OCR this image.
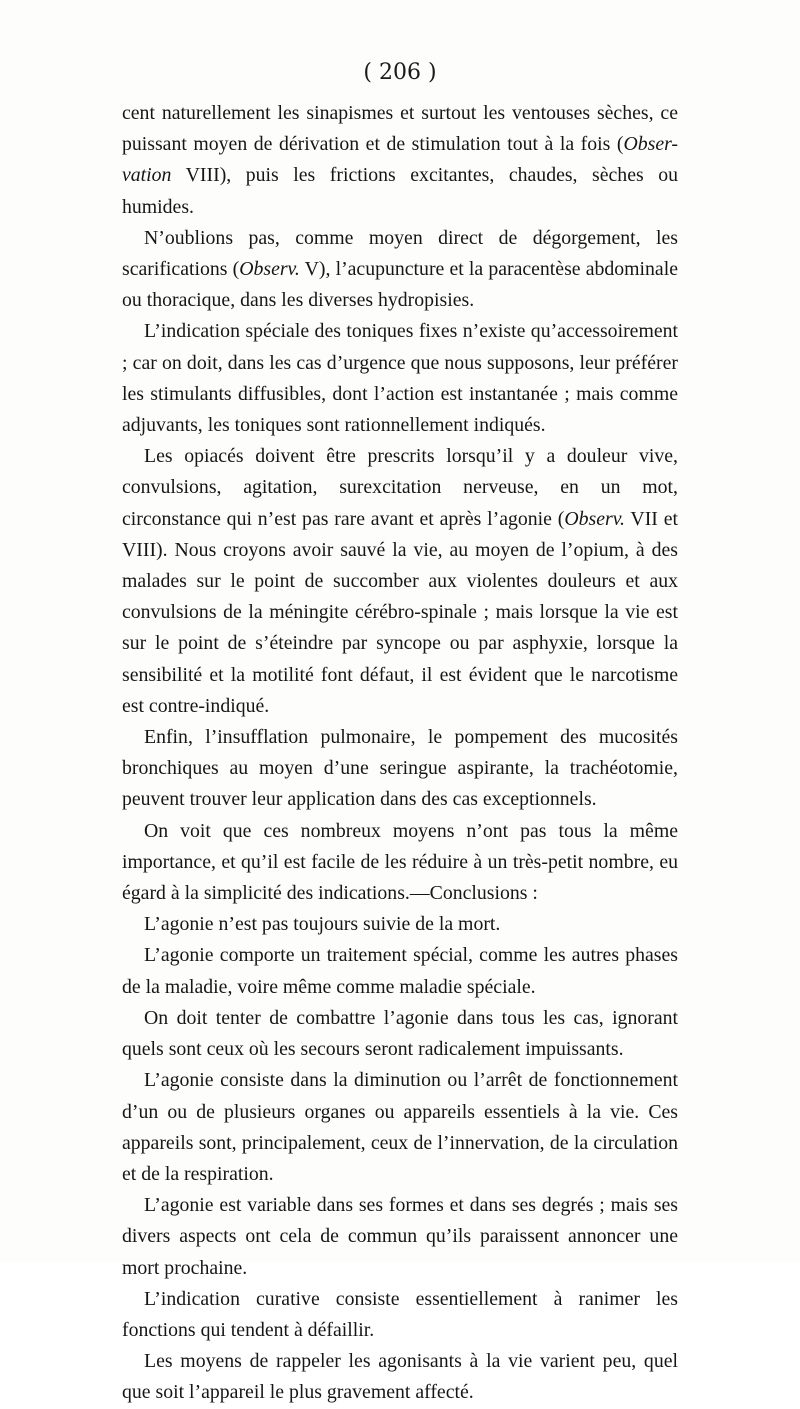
( 206 )

cent naturellement les sinapismes et surtout les ventouses sèches, ce puissant moyen de dérivation et de stimulation tout à la fois (Obser-vation VIII), puis les frictions excitantes, chaudes, sèches ou humides.

N’oublions pas, comme moyen direct de dégorgement, les scarifications (Observ. V), l’acupuncture et la paracentèse abdominale ou thoracique, dans les diverses hydropisies.

L’indication spéciale des toniques fixes n’existe qu’accessoirement ; car on doit, dans les cas d’urgence que nous supposons, leur préférer les stimulants diffusibles, dont l’action est instantanée ; mais comme adjuvants, les toniques sont rationnellement indiqués.

Les opiacés doivent être prescrits lorsqu’il y a douleur vive, convulsions, agitation, surexcitation nerveuse, en un mot, circonstance qui n’est pas rare avant et après l’agonie (Observ. VII et VIII). Nous croyons avoir sauvé la vie, au moyen de l’opium, à des malades sur le point de succomber aux violentes douleurs et aux convulsions de la méningite cérébro-spinale ; mais lorsque la vie est sur le point de s’éteindre par syncope ou par asphyxie, lorsque la sensibilité et la motilité font défaut, il est évident que le narcotisme est contre-indiqué.

Enfin, l’insufflation pulmonaire, le pompement des mucosités bronchiques au moyen d’une seringue aspirante, la trachéotomie, peuvent trouver leur application dans des cas exceptionnels.

On voit que ces nombreux moyens n’ont pas tous la même importance, et qu’il est facile de les réduire à un très-petit nombre, eu égard à la simplicité des indications.—Conclusions :

L’agonie n’est pas toujours suivie de la mort.

L’agonie comporte un traitement spécial, comme les autres phases de la maladie, voire même comme maladie spéciale.

On doit tenter de combattre l’agonie dans tous les cas, ignorant quels sont ceux où les secours seront radicalement impuissants.

L’agonie consiste dans la diminution ou l’arrêt de fonctionnement d’un ou de plusieurs organes ou appareils essentiels à la vie. Ces appareils sont, principalement, ceux de l’innervation, de la circulation et de la respiration.

L’agonie est variable dans ses formes et dans ses degrés ; mais ses divers aspects ont cela de commun qu’ils paraissent annoncer une mort prochaine.

L’indication curative consiste essentiellement à ranimer les fonctions qui tendent à défaillir.

Les moyens de rappeler les agonisants à la vie varient peu, quel que soit l’appareil le plus gravement affecté.
